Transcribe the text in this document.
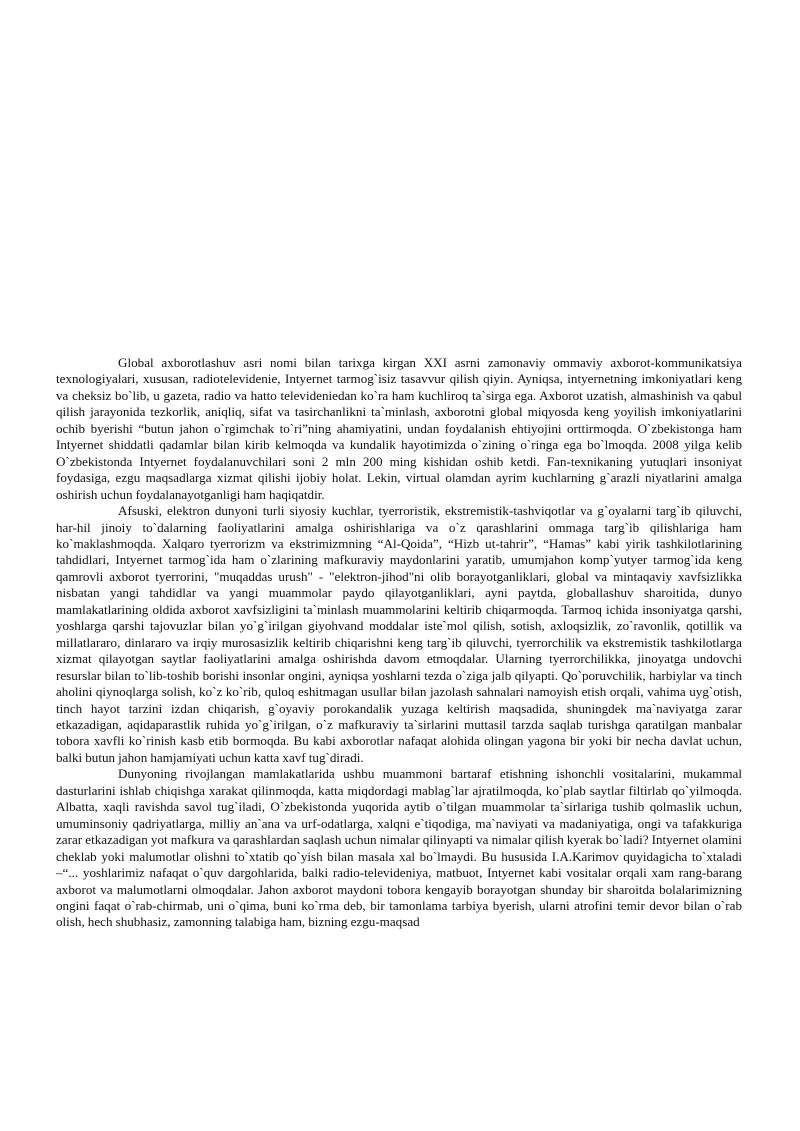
Global axborotlashuv asri nomi bilan tarixga kirgan XXI asrni zamonaviy ommaviy axborot-kommunikatsiya texnologiyalari, xususan, radiotelevidenie, Intyernet tarmog`isiz tasavvur qilish qiyin. Ayniqsa, intyernetning imkoniyatlari keng va cheksiz bo`lib, u gazeta, radio va hatto televideniedan ko`ra ham kuchliroq ta`sirga ega. Axborot uzatish, almashinish va qabul qilish jarayonida tezkorlik, aniqliq, sifat va tasirchanlikni ta`minlash, axborotni global miqyosda keng yoyilish imkoniyatlarini ochib byerishi “butun jahon o`rgimchak to`ri”ning ahamiyatini, undan foydalanish ehtiyojini orttirmoqda. O`zbekistonga ham Intyernet shiddatli qadamlar bilan kirib kelmoqda va kundalik hayotimizda o`zining o`ringa ega bo`lmoqda. 2008 yilga kelib O`zbekistonda Intyernet foydalanuvchilari soni 2 mln 200 ming kishidan oshib ketdi. Fan-texnikaning yutuqlari insoniyat foydasiga, ezgu maqsadlarga xizmat qilishi ijobiy holat. Lekin, virtual olamdan ayrim kuchlarning g`arazli niyatlarini amalga oshirish uchun foydalanayotganligi ham haqiqatdir.

Afsuski, elektron dunyoni turli siyosiy kuchlar, tyerroristik, ekstremistik-tashviqotlar va g`oyalarni targ`ib qiluvchi, har-hil jinoiy to`dalarning faoliyatlarini amalga oshirishlariga va o`z qarashlarini ommaga targ`ib qilishlariga ham ko`maklashmoqda. Xalqaro tyerrorizm va ekstrimizmning “Al-Qoida”, “Hizb ut-tahrir”, “Hamas” kabi yirik tashkilotlarining tahdidlari, Intyernet tarmog`ida ham o`zlarining mafkuraviy maydonlarini yaratib, umumjahon komp`yutyer tarmog`ida keng qamrovli axborot tyerrorini, "muqaddas urush" - "elektron-jihod"ni olib borayotganliklari, global va mintaqaviy xavfsizlikka nisbatan yangi tahdidlar va yangi muammolar paydo qilayotganliklari, ayni paytda, globallashuv sharoitida, dunyo mamlakatlarining oldida axborot xavfsizligini ta`minlash muammolarini keltirib chiqarmoqda. Tarmoq ichida insoniyatga qarshi, yoshlarga qarshi tajovuzlar bilan yo`g`irilgan giyohvand moddalar iste`mol qilish, sotish, axloqsizlik, zo`ravonlik, qotillik va millatlararo, dinlararo va irqiy murosasizlik keltirib chiqarishni keng targ`ib qiluvchi, tyerrorchilik va ekstremistik tashkilotlarga xizmat qilayotgan saytlar faoliyatlarini amalga oshirishda davom etmoqdalar. Ularning tyerrorchilikka, jinoyatga undovchi resurslar bilan to`lib-toshib borishi insonlar ongini, ayniqsa yoshlarni tezda o`ziga jalb qilyapti. Qo`poruvchilik, harbiylar va tinch aholini qiynoqlarga solish, ko`z ko`rib, quloq eshitmagan usullar bilan jazolash sahnalari namoyish etish orqali, vahima uyg`otish, tinch hayot tarzini izdan chiqarish, g`oyaviy porokandalik yuzaga keltirish maqsadida, shuningdek ma`naviyatga zarar etkazadigan, aqidaparastlik ruhida yo`g`irilgan, o`z mafkuraviy ta`sirlarini muttasil tarzda saqlab turishga qaratilgan manbalar tobora xavfli ko`rinish kasb etib bormoqda. Bu kabi axborotlar nafaqat alohida olingan yagona bir yoki bir necha davlat uchun, balki butun jahon hamjamiyati uchun katta xavf tug`diradi.

Dunyoning rivojlangan mamlakatlarida ushbu muammoni bartaraf etishning ishonchli vositalarini, mukammal dasturlarini ishlab chiqishga xarakat qilinmoqda, katta miqdordagi mablag`lar ajratilmoqda, ko`plab saytlar filtirlab qo`yilmoqda. Albatta, xaqli ravishda savol tug`iladi, O`zbekistonda yuqorida aytib o`tilgan muammolar ta`sirlariga tushib qolmaslik uchun, umuminsoniy qadriyatlarga, milliy an`ana va urf-odatlarga, xalqni e`tiqodiga, ma`naviyati va madaniyatiga, ongi va tafakkuriga zarar etkazadigan yot mafkura va qarashlardan saqlash uchun nimalar qilinyapti va nimalar qilish kyerak bo`ladi? Intyernet olamini cheklab yoki malumotlar olishni to`xtatib qo`yish bilan masala xal bo`lmaydi. Bu hususida I.A.Karimov quyidagicha to`xtaladi –“... yoshlarimiz nafaqat o`quv dargohlarida, balki radio-televideniya, matbuot, Intyernet kabi vositalar orqali xam rang-barang axborot va malumotlarni olmoqdalar. Jahon axborot maydoni tobora kengayib borayotgan shunday bir sharoitda bolalarimizning ongini faqat o`rab-chirmab, uni o`qima, buni ko`rma deb, bir tamonlama tarbiya byerish, ularni atrofini temir devor bilan o`rab olish, hech shubhasiz, zamonning talabiga ham, bizning ezgu-maqsad
